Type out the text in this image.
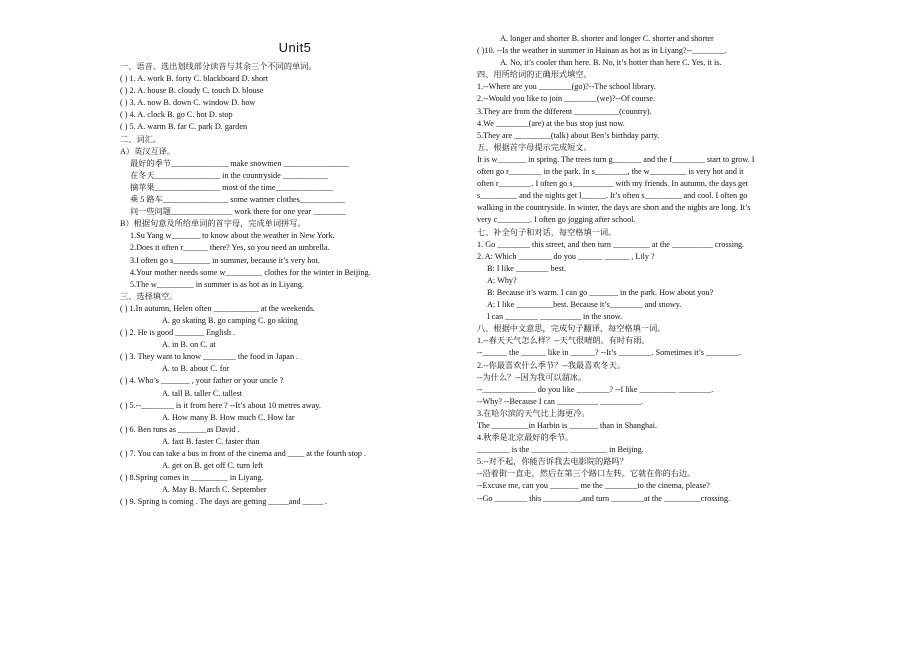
Unit5
一、语音。选出划线部分读音与其余三个不同的单词。
( ) 1. A. work B. forty C. blackboard D. short
( ) 2. A. house B. cloudy C. touch D. blouse
( ) 3. A. now B. down C. window D. how
( ) 4. A. clock B. go C. hot D. stop
( ) 5. A. warm B. far C. park D. garden
二、词汇。
A）英汉互译。
最好的季节______________ make snowmen ________________
在冬天________________ in the countryside ___________
摘苹果________________ most of the time______________
乘 5 路车________________ some warmer clothes___________
问一些问题_______________ work there for one year ________
B）根据句意及所给单词的首字母，完成单词拼写。
1.Su Yang w_______ to know about the weather in New York.
2.Does it often r______ there? Yes, so you need an umbrella.
3.I often go s_________ in summer, because it’s very hot.
4.Your mother needs some w_________ clothes for the winter in Beijing.
5.The w_________ in summer is as hot as in Liyang.
三、选择填空。
( ) 1.In autumn, Helen often ___________ at the weekends.
A. go skating B. go camping C. go skiing
( ) 2. He is good _______ English .
A. in B. on C. at
( ) 3. They want to know ________ the food in Japan .
A. to B. about C. for
( ) 4. Who’s _______ , your father or your uncle ?
A. tall B. taller C. tallest
( ) 5.--________ is it from here ? --It’s about 10 metres away.
A. How many B. How much C. How far
( ) 6. Ben runs as _______as David .
A. fast B. faster C. faster than
( ) 7. You can take a bus in front of the cinema and ____ at the fourth stop .
A. get on B. get off C. turn left
( ) 8.Spring comes in _________ in Liyang.
A. May B. March C. September
( ) 9. Spring is coming . The days are getting _____and _____ .
A. longer and shorter B. shorter and longer C. shorter and shorter
( )10. --Is the weather in summer in Hainan as hot as in Liyang?--________.
A. No, it’s cooler than here. B. No, it’s hotter than here C. Yes, it is.
四、用所给词的正确形式填空。
1.--Where are you ________(go)?--The school library.
2.--Would you like to join ________(we)?--Of course.
3.They are from the different ___________(country).
4.We ________(are) at the bus stop just now.
5.They are _________(talk) about Ben’s birthday party.
五、根据首字母提示完成短文。
It is w_______ in spring. The trees turn g_______ and the f________ start to grow. I
often go r________ in the park. In s________, the w_________ is very hot and it
often r________. I often go s__________ with my friends. In autumn, the days get
s_________ and the nights get l______. It’s often s_________ and cool. I often go
walking in the countryside. In winter, the days are short and the nights are long. It’s
very c________. I often go jogging after school.
七、补全句子和对话，每空格填一词。
1. Go ________ this street, and then turn _________ at the __________ crossing.
2. A: Which ________ do you ______ ______ , Lily ?
B: I like ________ best.
A: Why?
B: Because it’s warm. I can go _______ in the park. How about you?
A: I like _________best. Because it’s________ and snowy.
I can ________ __________ in the snow.
八、根据中文意思，完成句子翻译，每空格填一词。
1.--春天天气怎么样？--天气很晴朗。有时有雨。
--______ the ______ like in ______? --It’s ________. Sometimes it’s ________.
2.--你最喜欢什么季节？--我最喜欢冬天。
--为什么？--因为我可以溜冰。
--_____________ do you like ________? --I like _________ ________.
--Why? --Because I can __________ __________.
3.在哈尔滨的天气比上海更冷。
The _________in Harbin is _______ than in Shanghai.
4.秋季是北京最好的季节。
________ is the _________ _________ in Beijing.
5.--对不起，你能告诉我去电影院的路吗？
--沿着街一直走，然后在第三个路口左转。它就在你的右边。
--Excuse me, can you _______ me the ________to the cinema, please?
--Go ________ this _________,and turn ________at the _________crossing.
